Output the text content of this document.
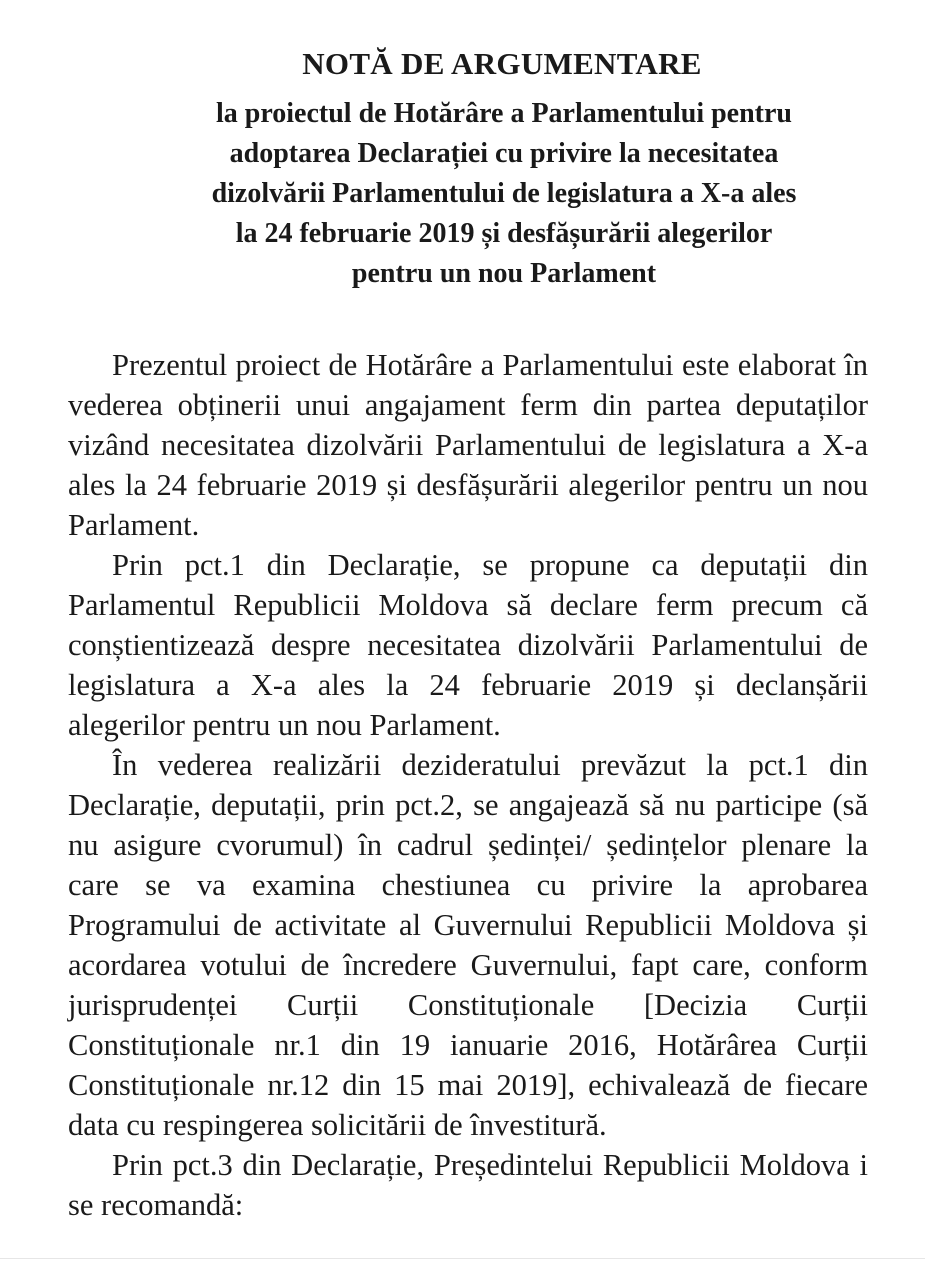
NOTĂ DE ARGUMENTARE
la proiectul de Hotărâre a Parlamentului pentru
adoptarea Declarației cu privire la necesitatea
dizolvării Parlamentului de legislatura a X-a ales
la 24 februarie 2019 și desfășurării alegerilor
pentru un nou Parlament

Prezentul proiect de Hotărâre a Parlamentului este elaborat în vederea obținerii unui angajament ferm din partea deputaților vizând necesitatea dizolvării Parlamentului de legislatura a X-a ales la 24 februarie 2019 și desfășurării alegerilor pentru un nou Parlament.

Prin pct.1 din Declarație, se propune ca deputații din Parlamentul Republicii Moldova să declare ferm precum că conștientizează despre necesitatea dizolvării Parlamentului de legislatura a X-a ales la 24 februarie 2019 și declanșării alegerilor pentru un nou Parlament.

În vederea realizării dezideratului prevăzut la pct.1 din Declarație, deputații, prin pct.2, se angajează să nu participe (să nu asigure cvorumul) în cadrul ședinței/ ședințelor plenare la care se va examina chestiunea cu privire la aprobarea Programului de activitate al Guvernului Republicii Moldova și acordarea votului de încredere Guvernului, fapt care, conform jurisprudenței Curții Constituționale [Decizia Curții Constituționale nr.1 din 19 ianuarie 2016, Hotărârea Curții Constituționale nr.12 din 15 mai 2019], echivalează de fiecare data cu respingerea solicitării de învestitură.

Prin pct.3 din Declarație, Președintelui Republicii Moldova i se recomandă:
